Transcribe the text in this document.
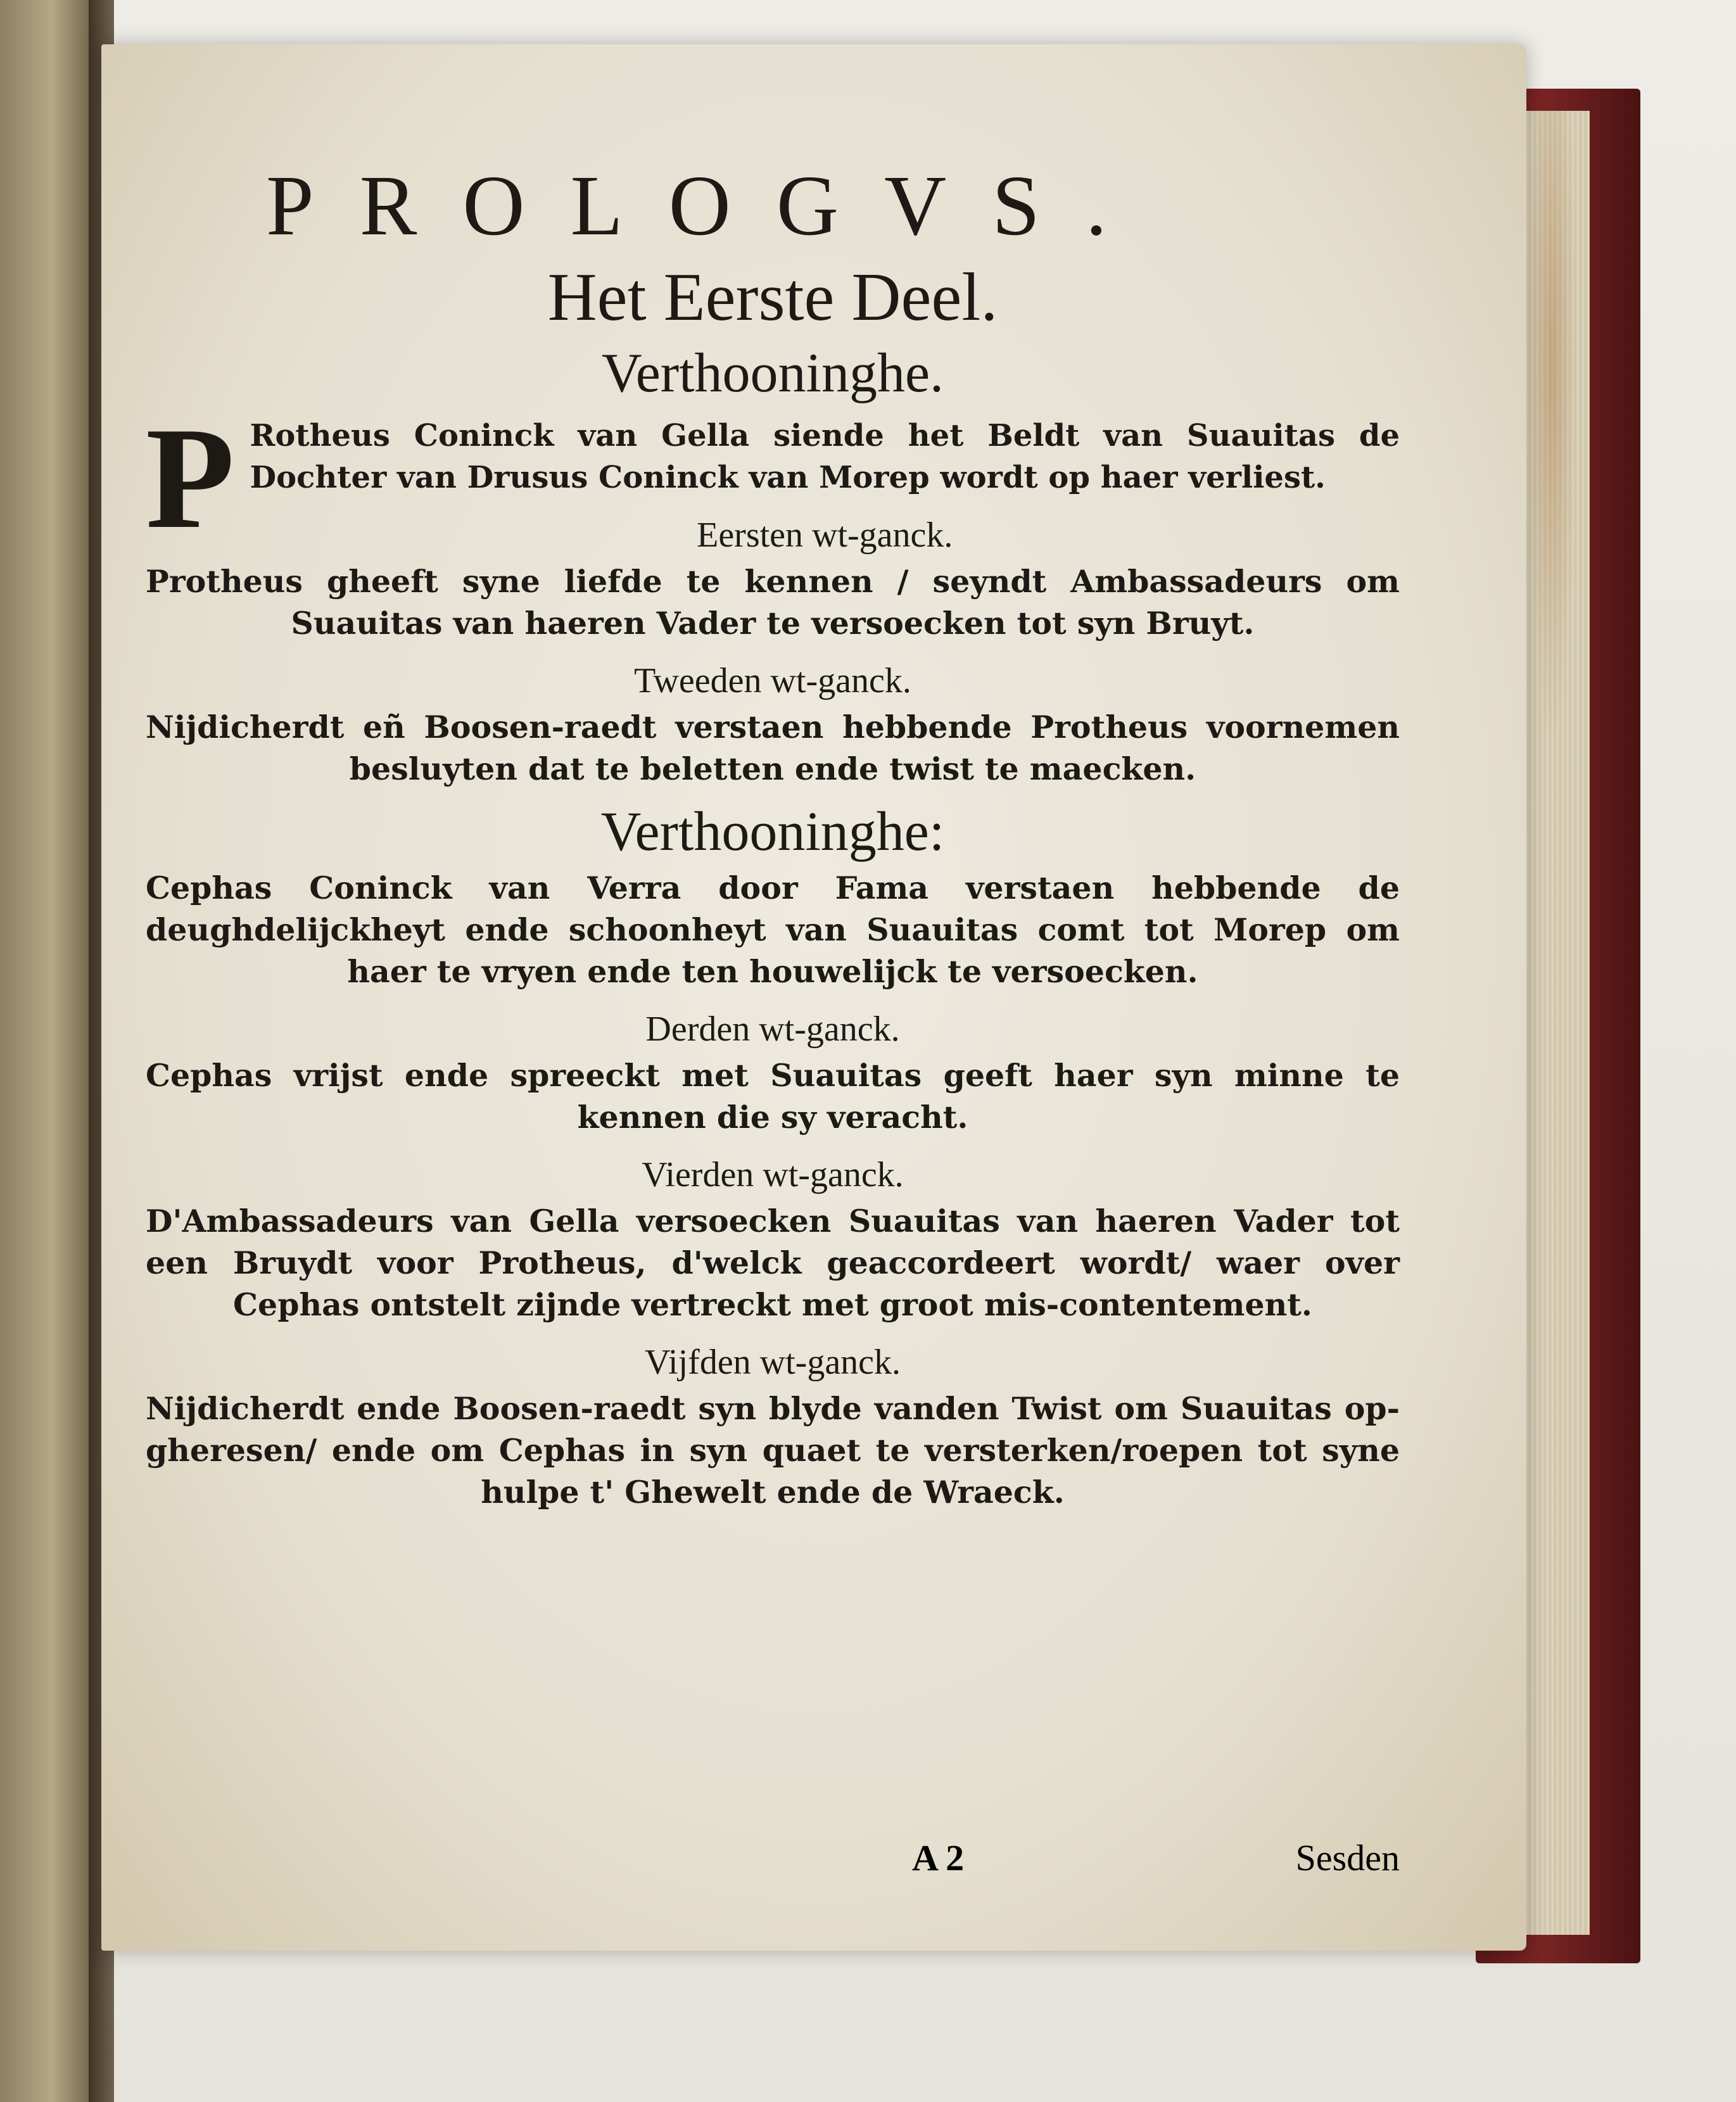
PROLOGVS.
Het Eerste Deel.
Verthooninghe.
P Rotheus Coninck van Gella siende het Beldt van Suauitas de Dochter van Drusus Coninck van Morep wordt op haer verliest.
Eersten wt-ganck.
Protheus gheeft syne liefde te kennen / seyndt Ambassadeurs om Suauitas van haeren Vader te versoecken tot syn Bruyt.
Tweeden wt-ganck.
Nijdicherdt eñ Boosen-raedt verstaen hebbende Protheus voornemen besluyten dat te beletten ende twist te maecken.
Verthooninghe:
Cephas Coninck van Verra door Fama verstaen hebbende de deughdelijckheyt ende schoonheyt van Suauitas comt tot Morep om haer te vryen ende ten houwelijck te versoecken.
Derden wt-ganck.
Cephas vrijst ende spreeckt met Suauitas geeft haer syn minne te kennen die sy veracht.
Vierden wt-ganck.
D'Ambassadeurs van Gella versoecken Suauitas van haeren Vader tot een Bruydt voor Protheus, d'welck geaccordeert wordt/ waer over Cephas ontstelt zijnde vertreckt met groot mis-contentement.
Vijfden wt-ganck.
Nijdicherdt ende Boosen-raedt syn blyde vanden Twist om Suauitas op-gheresen/ ende om Cephas in syn quaet te versterken/roepen tot syne hulpe t' Ghewelt ende de Wraeck.
A 2	Sesden
